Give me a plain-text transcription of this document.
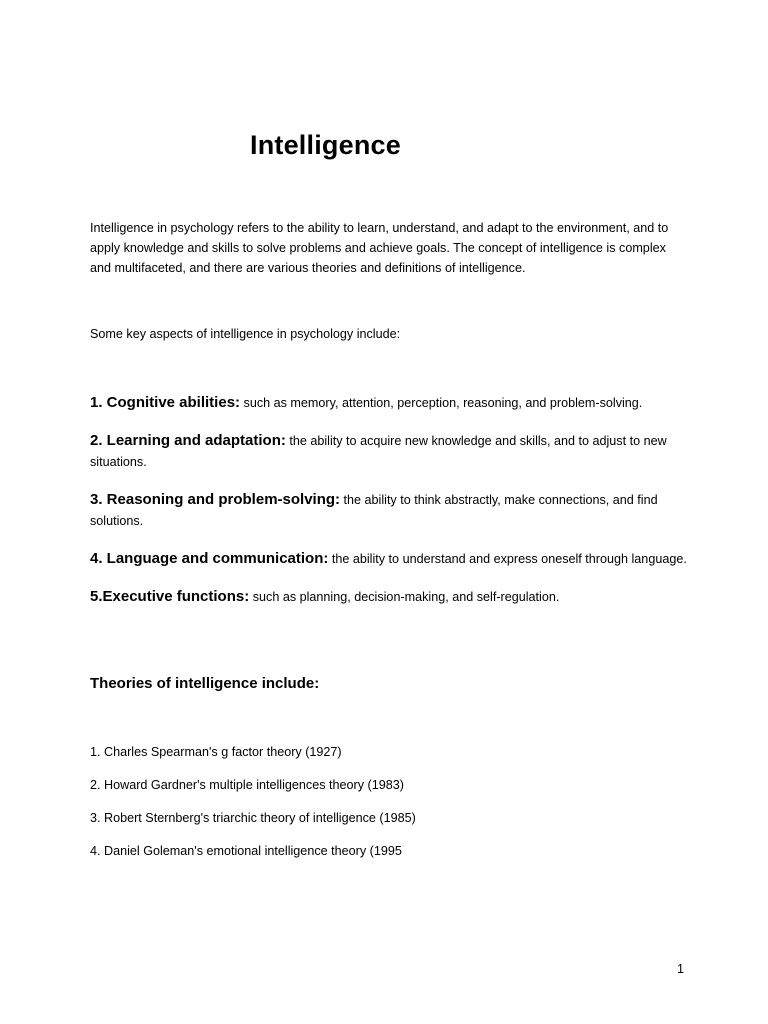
Intelligence

Intelligence in psychology refers to the ability to learn, understand, and adapt to the environment, and to apply knowledge and skills to solve problems and achieve goals. The concept of intelligence is complex and multifaceted, and there are various theories and definitions of intelligence.

Some key aspects of intelligence in psychology include:

1. Cognitive abilities: such as memory, attention, perception, reasoning, and problem-solving.
2. Learning and adaptation: the ability to acquire new knowledge and skills, and to adjust to new situations.
3. Reasoning and problem-solving: the ability to think abstractly, make connections, and find solutions.
4. Language and communication: the ability to understand and express oneself through language.
5.Executive functions: such as planning, decision-making, and self-regulation.
Theories of intelligence include:
1. Charles Spearman's g factor theory (1927)
2. Howard Gardner's multiple intelligences theory (1983)
3. Robert Sternberg's triarchic theory of intelligence (1985)
4. Daniel Goleman's emotional intelligence theory (1995
1
